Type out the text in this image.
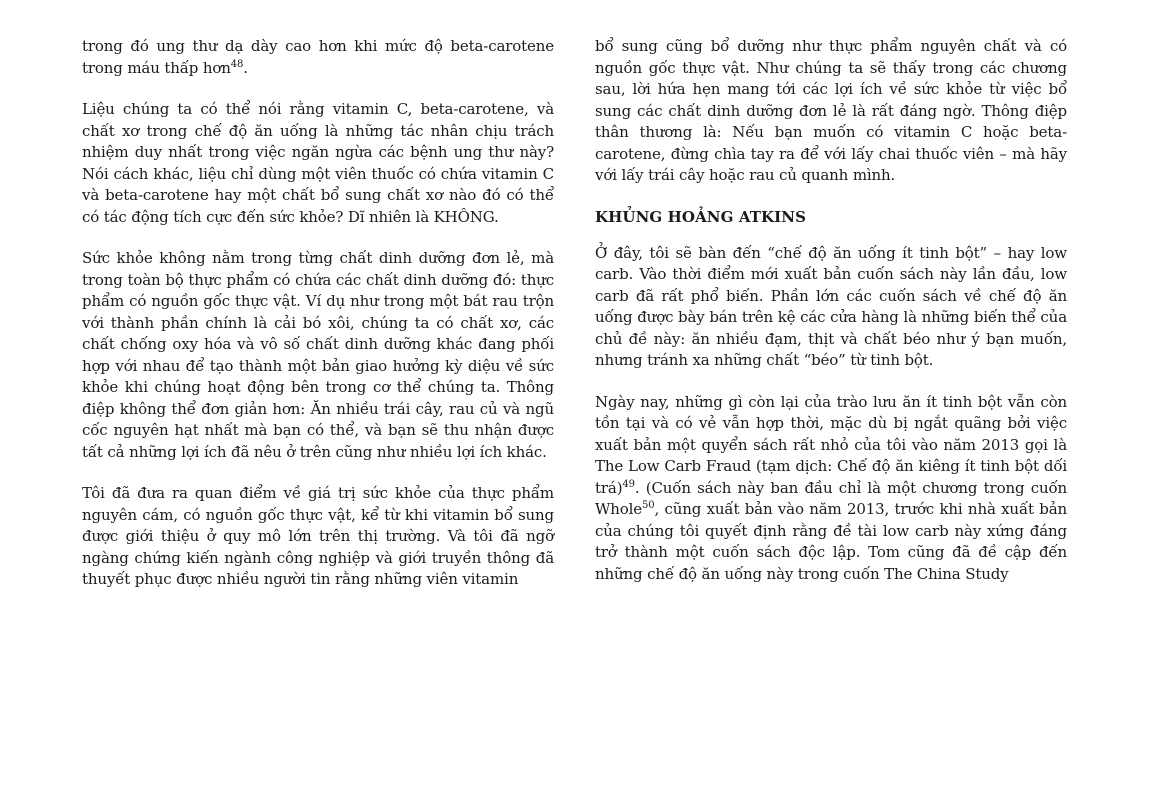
trong đó ung thư dạ dày cao hơn khi mức độ beta-carotene trong máu thấp hơn$^{48}$.

Liệu chúng ta có thể nói rằng vitamin C, beta-carotene, và chất xơ trong chế độ ăn uống là những tác nhân chịu trách nhiệm duy nhất trong việc ngăn ngừa các bệnh ung thư này? Nói cách khác, liệu chỉ dùng một viên thuốc có chứa vitamin C và beta-carotene hay một chất bổ sung chất xơ nào đó có thể có tác động tích cực đến sức khỏe? Dĩ nhiên là KHÔNG.

Sức khỏe không nằm trong từng chất dinh dưỡng đơn lẻ, mà trong toàn bộ thực phẩm có chứa các chất dinh dưỡng đó: thực phẩm có nguồn gốc thực vật. Ví dụ như trong một bát rau trộn với thành phần chính là cải bó xôi, chúng ta có chất xơ, các chất chống oxy hóa và vô số chất dinh dưỡng khác đang phối hợp với nhau để tạo thành một bản giao hưởng kỳ diệu về sức khỏe khi chúng hoạt động bên trong cơ thể chúng ta. Thông điệp không thể đơn giản hơn: Ăn nhiều trái cây, rau củ và ngũ cốc nguyên hạt nhất mà bạn có thể, và bạn sẽ thu nhận được tất cả những lợi ích đã nêu ở trên cũng như nhiều lợi ích khác.

Tôi đã đưa ra quan điểm về giá trị sức khỏe của thực phẩm nguyên cám, có nguồn gốc thực vật, kể từ khi vitamin bổ sung được giới thiệu ở quy mô lớn trên thị trường. Và tôi đã ngỡ ngàng chứng kiến ngành công nghiệp và giới truyền thông đã thuyết phục được nhiều người tin rằng những viên vitamin

bổ sung cũng bổ dưỡng như thực phẩm nguyên chất và có nguồn gốc thực vật. Như chúng ta sẽ thấy trong các chương sau, lời hứa hẹn mang tới các lợi ích về sức khỏe từ việc bổ sung các chất dinh dưỡng đơn lẻ là rất đáng ngờ. Thông điệp thân thương là: Nếu bạn muốn có vitamin C hoặc beta-carotene, đừng chìa tay ra để với lấy chai thuốc viên – mà hãy với lấy trái cây hoặc rau củ quanh mình.

KHỦNG HOẢNG ATKINS

Ở đây, tôi sẽ bàn đến “chế độ ăn uống ít tinh bột” – hay low carb. Vào thời điểm mới xuất bản cuốn sách này lần đầu, low carb đã rất phổ biến. Phần lớn các cuốn sách về chế độ ăn uống được bày bán trên kệ các cửa hàng là những biến thể của chủ đề này: ăn nhiều đạm, thịt và chất béo như ý bạn muốn, nhưng tránh xa những chất “béo” từ tinh bột.

Ngày nay, những gì còn lại của trào lưu ăn ít tinh bột vẫn còn tồn tại và có vẻ vẫn hợp thời, mặc dù bị ngắt quãng bởi việc xuất bản một quyển sách rất nhỏ của tôi vào năm 2013 gọi là The Low Carb Fraud (tạm dịch: Chế độ ăn kiêng ít tinh bột dối trá)$^{49}$. (Cuốn sách này ban đầu chỉ là một chương trong cuốn Whole$^{50}$, cũng xuất bản vào năm 2013, trước khi nhà xuất bản của chúng tôi quyết định rằng đề tài low carb này xứng đáng trở thành một cuốn sách độc lập. Tom cũng đã đề cập đến những chế độ ăn uống này trong cuốn The China Study
